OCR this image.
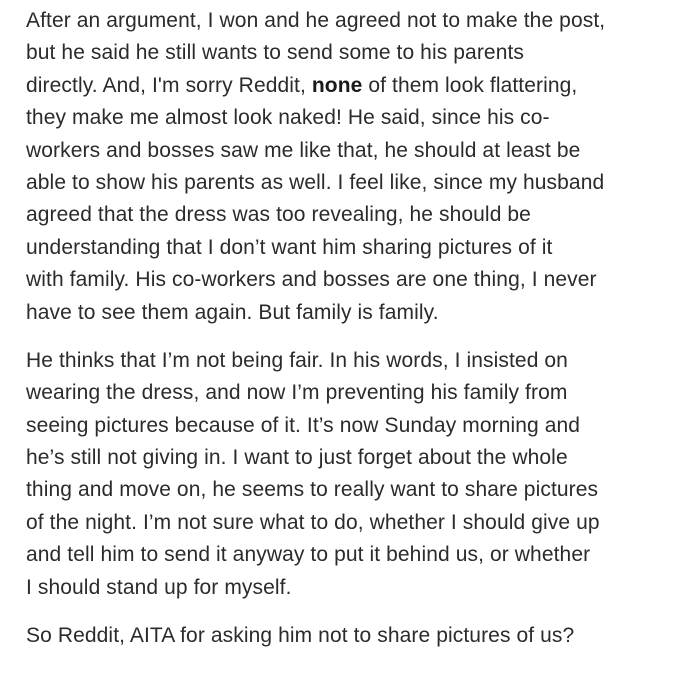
After an argument, I won and he agreed not to make the post,
but he said he still wants to send some to his parents
directly. And, I'm sorry Reddit, none of them look flattering,
they make me almost look naked! He said, since his co-
workers and bosses saw me like that, he should at least be
able to show his parents as well. I feel like, since my husband
agreed that the dress was too revealing, he should be
understanding that I don’t want him sharing pictures of it
with family. His co-workers and bosses are one thing, I never
have to see them again. But family is family.
He thinks that I’m not being fair. In his words, I insisted on
wearing the dress, and now I’m preventing his family from
seeing pictures because of it. It’s now Sunday morning and
he’s still not giving in. I want to just forget about the whole
thing and move on, he seems to really want to share pictures
of the night. I’m not sure what to do, whether I should give up
and tell him to send it anyway to put it behind us, or whether
I should stand up for myself.
So Reddit, AITA for asking him not to share pictures of us?
